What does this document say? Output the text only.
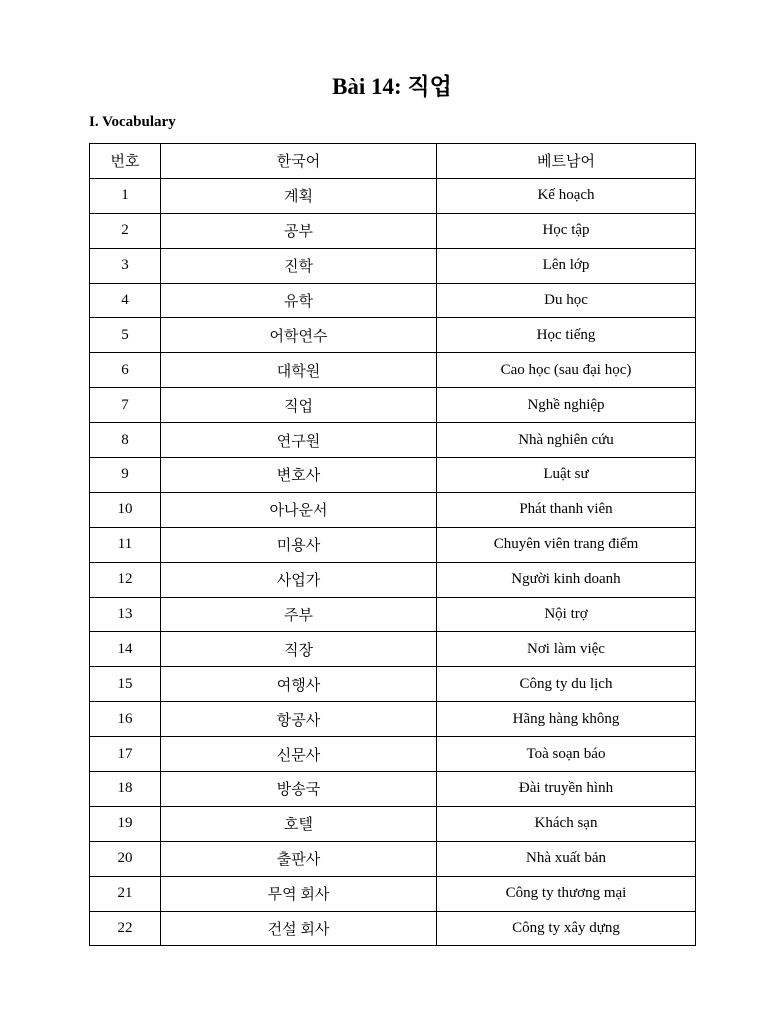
Bài 14: 직업
I. Vocabulary
번호	한국어	베트남어
1	계획	Kế hoạch
2	공부	Học tập
3	진학	Lên lớp
4	유학	Du học
5	어학연수	Học tiếng
6	대학원	Cao học (sau đại học)
7	직업	Nghề nghiệp
8	연구원	Nhà nghiên cứu
9	변호사	Luật sư
10	아나운서	Phát thanh viên
11	미용사	Chuyên viên trang điểm
12	사업가	Người kinh doanh
13	주부	Nội trợ
14	직장	Nơi làm việc
15	여행사	Công ty du lịch
16	항공사	Hãng hàng không
17	신문사	Toà soạn báo
18	방송국	Đài truyền hình
19	호텔	Khách sạn
20	출판사	Nhà xuất bản
21	무역 회사	Công ty thương mại
22	건설 회사	Công ty xây dựng
